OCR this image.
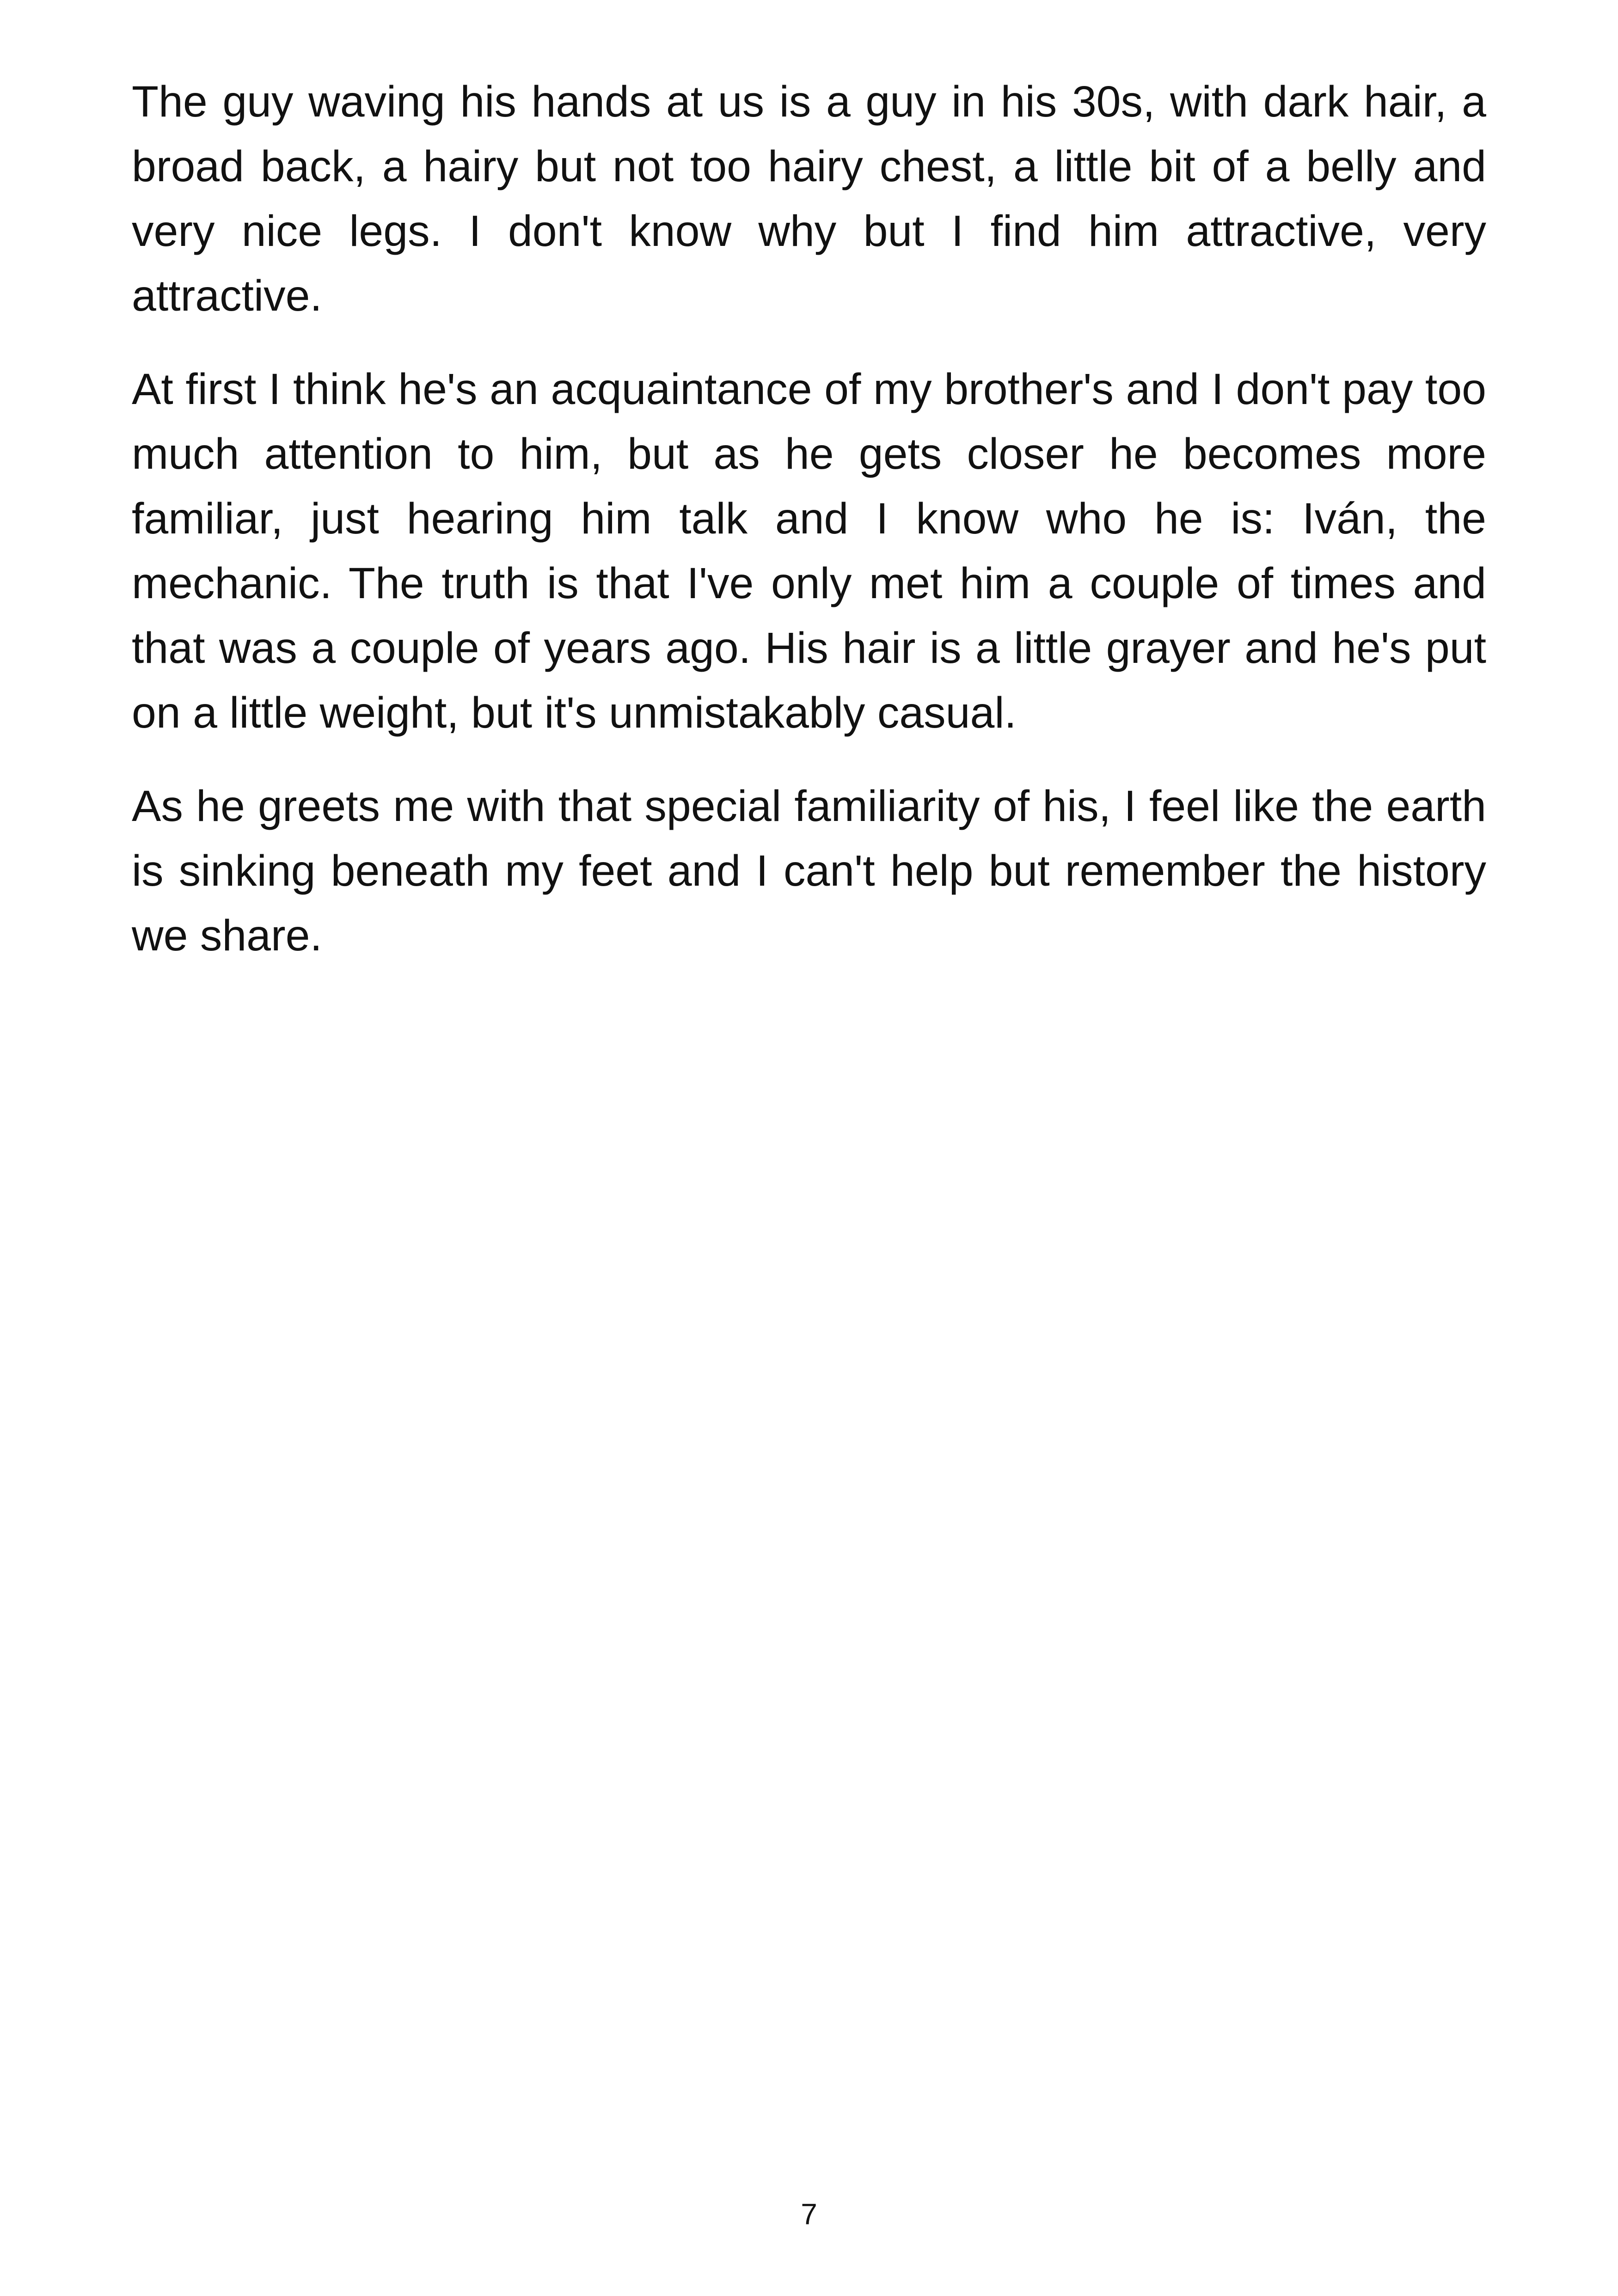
The guy waving his hands at us is a guy in his 30s, with dark hair, a broad back, a hairy but not too hairy chest, a little bit of a belly and very nice legs. I don't know why but I find him attractive, very attractive.

At first I think he's an acquaintance of my brother's and I don't pay too much attention to him, but as he gets closer he becomes more familiar, just hearing him talk and I know who he is: Iván, the mechanic. The truth is that I've only met him a couple of times and that was a couple of years ago. His hair is a little grayer and he's put on a little weight, but it's unmistakably casual.

As he greets me with that special familiarity of his, I feel like the earth is sinking beneath my feet and I can't help but remember the history we share.

7
